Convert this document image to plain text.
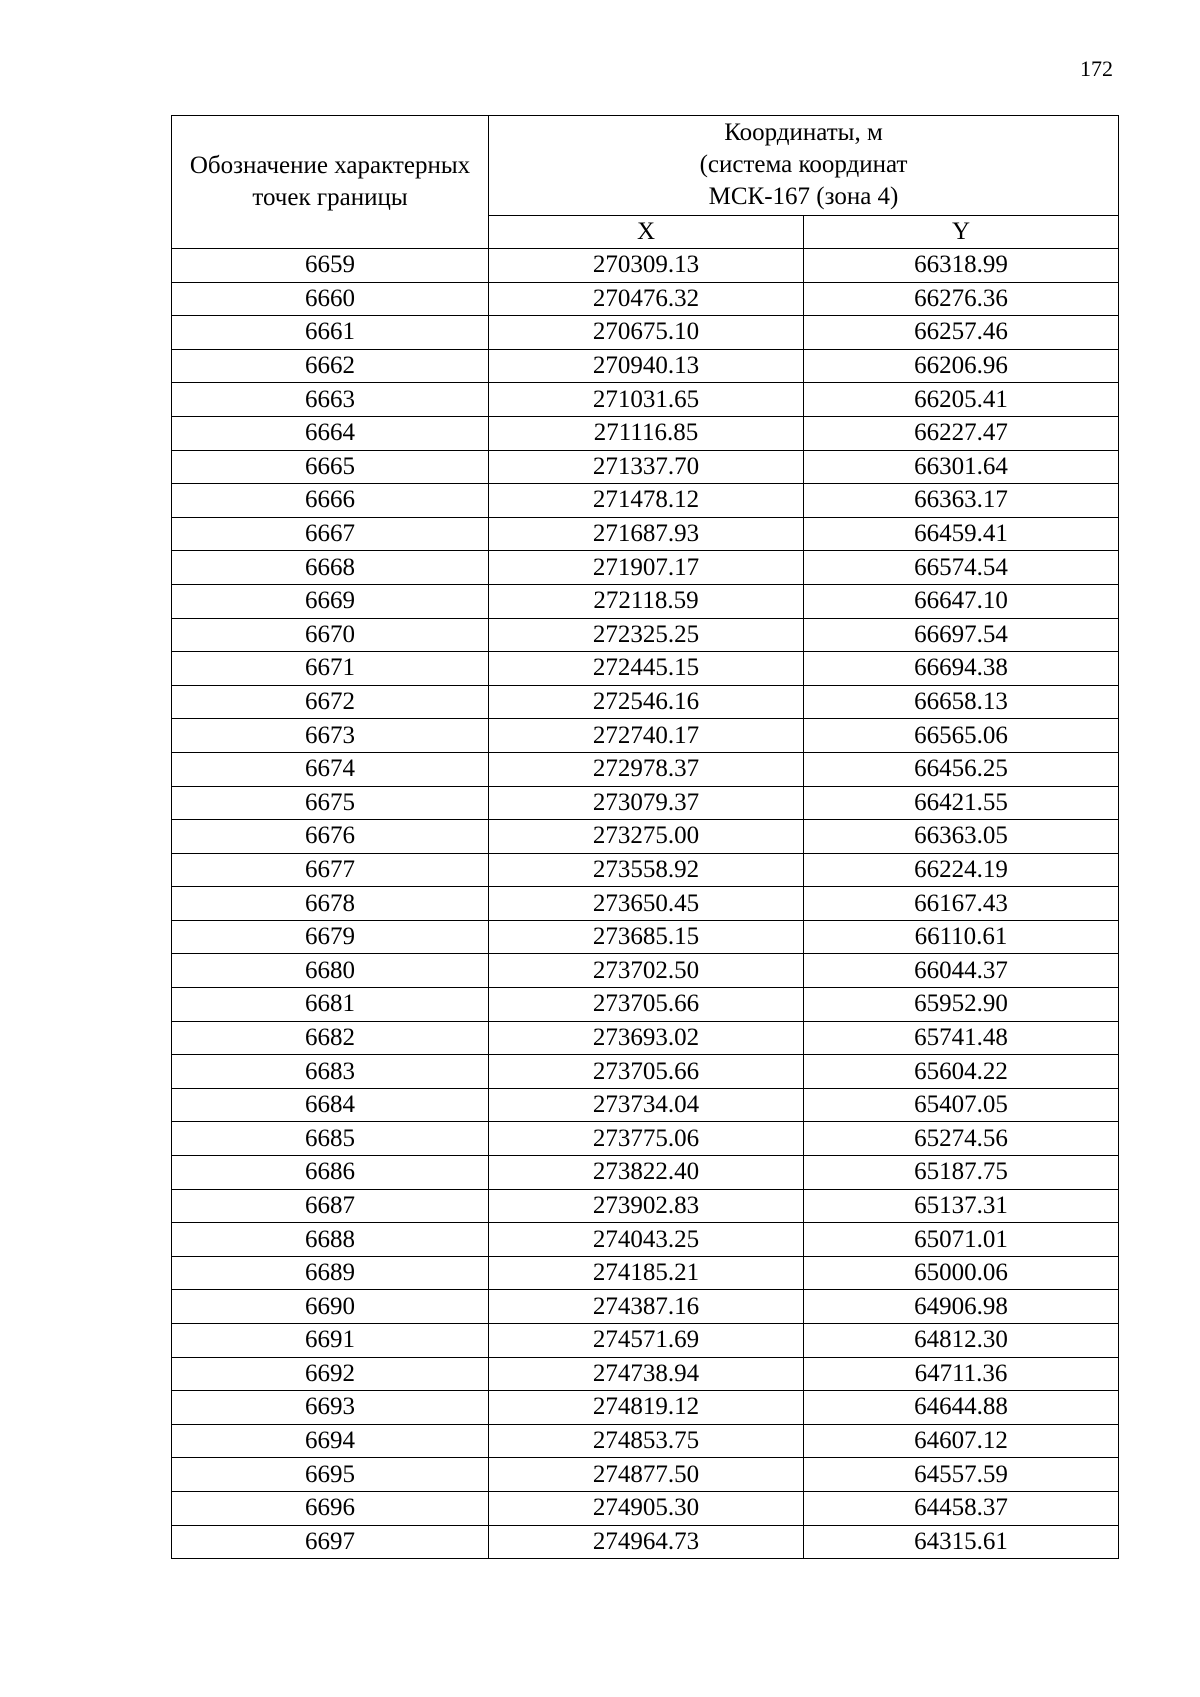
172
Обозначение характерных точек границы	Координаты, м
(система координат
МСК-167 (зона 4)	

	X	Y
6659	270309.13	66318.99
6660	270476.32	66276.36
6661	270675.10	66257.46
6662	270940.13	66206.96
6663	271031.65	66205.41
6664	271116.85	66227.47
6665	271337.70	66301.64
6666	271478.12	66363.17
6667	271687.93	66459.41
6668	271907.17	66574.54
6669	272118.59	66647.10
6670	272325.25	66697.54
6671	272445.15	66694.38
6672	272546.16	66658.13
6673	272740.17	66565.06
6674	272978.37	66456.25
6675	273079.37	66421.55
6676	273275.00	66363.05
6677	273558.92	66224.19
6678	273650.45	66167.43
6679	273685.15	66110.61
6680	273702.50	66044.37
6681	273705.66	65952.90
6682	273693.02	65741.48
6683	273705.66	65604.22
6684	273734.04	65407.05
6685	273775.06	65274.56
6686	273822.40	65187.75
6687	273902.83	65137.31
6688	274043.25	65071.01
6689	274185.21	65000.06
6690	274387.16	64906.98
6691	274571.69	64812.30
6692	274738.94	64711.36
6693	274819.12	64644.88
6694	274853.75	64607.12
6695	274877.50	64557.59
6696	274905.30	64458.37
6697	274964.73	64315.61
